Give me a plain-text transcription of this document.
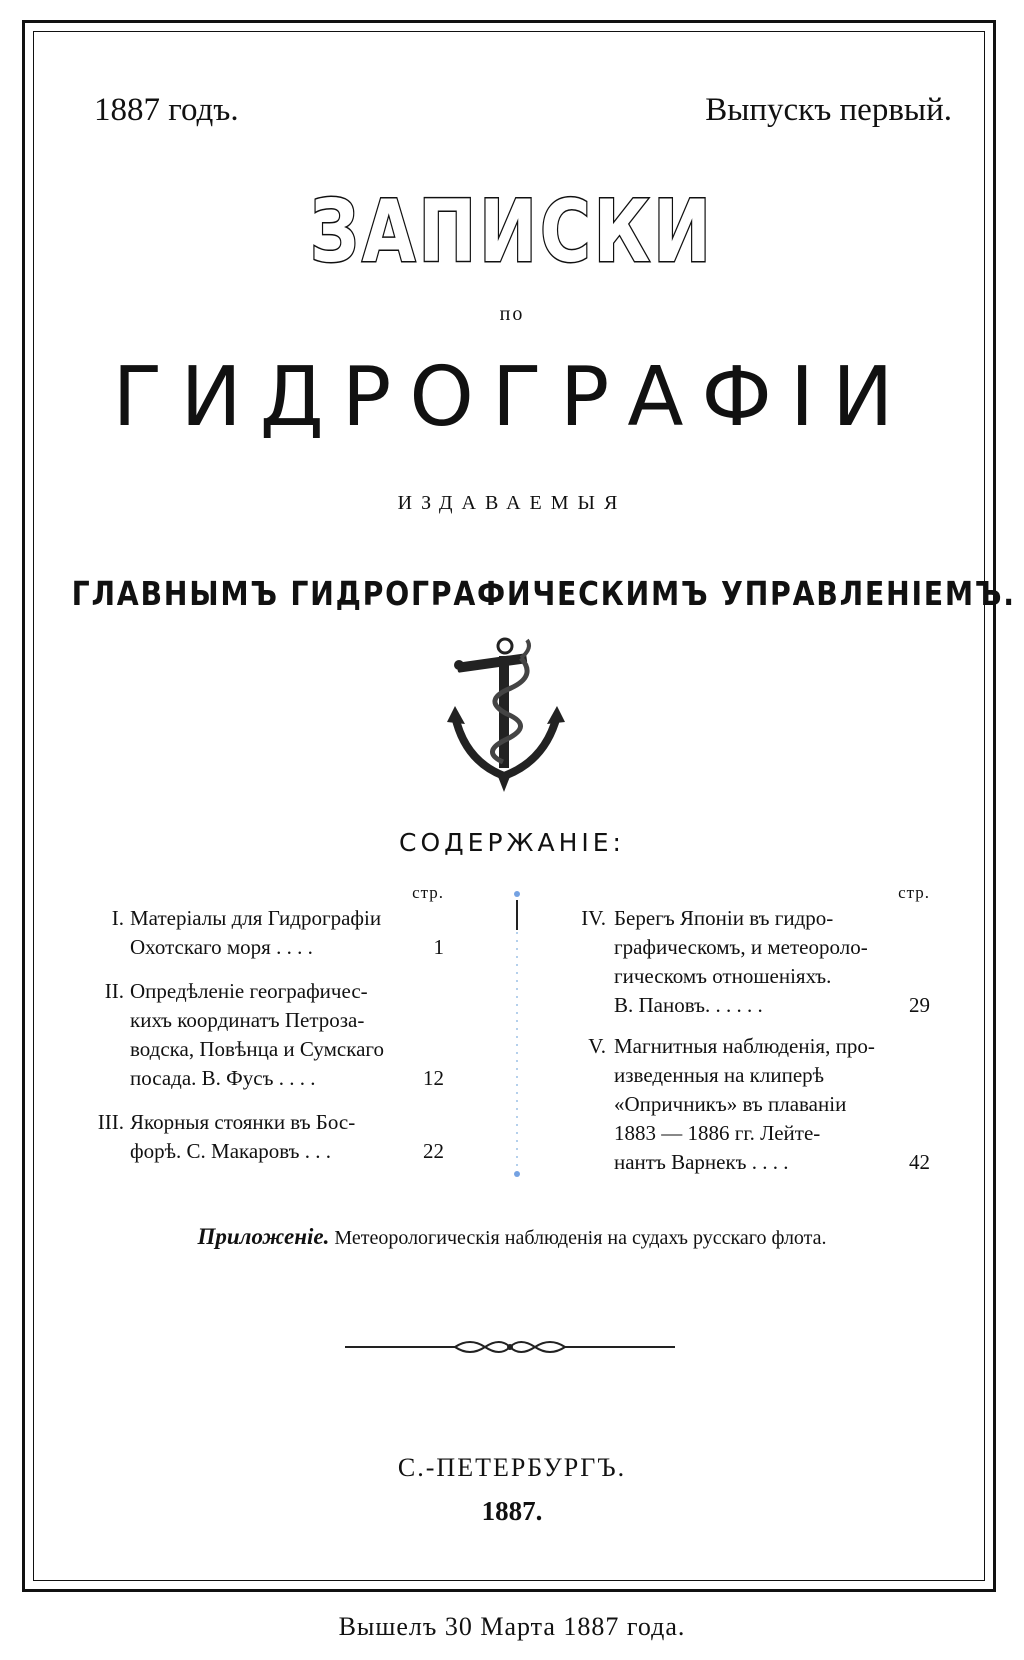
1887 годъ.	Выпускъ первый.
ЗАПИСКИ
по
ГИДРОГРАФІИ
ИЗДАВАЕМЫЯ
ГЛАВНЫМЪ ГИДРОГРАФИЧЕСКИМЪ УПРАВЛЕНІЕМЪ.
СОДЕРЖАНІЕ:
стр.
I. Матеріалы для Гидрографіи
Охотскаго моря . . . .	1
II. Опредѣленіе географичес-
кихъ координатъ Петроза-
водска, Повѣнца и Сумскаго
посада. В. Фусъ . . . .	12
III. Якорныя стоянки въ Бос-
форѣ. С. Макаровъ . . .	22
стр.
IV. Берегъ Японіи въ гидро-
графическомъ, и метеороло-
гическомъ отношеніяхъ.
В. Пановъ. . . . . .	29
V. Магнитныя наблюденія, про-
изведенныя на клиперѣ
«Опричникъ» въ плаваніи
1883 — 1886 гг. Лейте-
нантъ Варнекъ . . . .	42
Приложеніе. Метеорологическія наблюденія на судахъ русскаго флота.
С.-ПЕТЕРБУРГЪ.
1887.
Вышелъ 30 Марта 1887 года.
